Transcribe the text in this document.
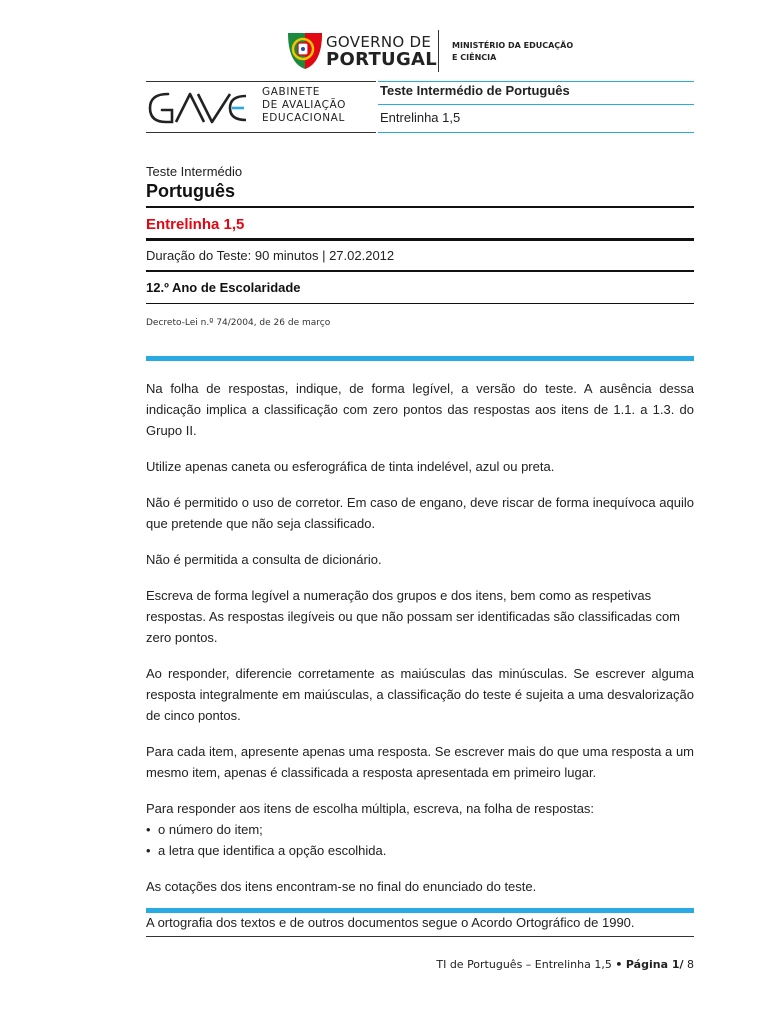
GOVERNO DE
PORTUGAL
MINISTÉRIO DA EDUCAÇÃO
E CIÊNCIA
GABINETE
DE AVALIAÇÃO
EDUCACIONAL
Teste Intermédio de Português
Entrelinha 1,5
Teste Intermédio
Português
Entrelinha 1,5
Duração do Teste: 90 minutos | 27.02.2012
12.º Ano de Escolaridade
Decreto-Lei n.º 74/2004, de 26 de março

Na folha de respostas, indique, de forma legível, a versão do teste. A ausência dessa indicação implica a classificação com zero pontos das respostas aos itens de 1.1. a 1.3. do Grupo II.

Utilize apenas caneta ou esferográfica de tinta indelével, azul ou preta.

Não é permitido o uso de corretor. Em caso de engano, deve riscar de forma inequívoca aquilo que pretende que não seja classificado.

Não é permitida a consulta de dicionário.

Escreva de forma legível a numeração dos grupos e dos itens, bem como as respetivas respostas. As respostas ilegíveis ou que não possam ser identificadas são classificadas com zero pontos.

Ao responder, diferencie corretamente as maiúsculas das minúsculas. Se escrever alguma resposta integralmente em maiúsculas, a classificação do teste é sujeita a uma desvalorização de cinco pontos.

Para cada item, apresente apenas uma resposta. Se escrever mais do que uma resposta a um mesmo item, apenas é classificada a resposta apresentada em primeiro lugar.

Para responder aos itens de escolha múltipla, escreva, na folha de respostas:

• o número do item;
• a letra que identifica a opção escolhida.

As cotações dos itens encontram-se no final do enunciado do teste.

A ortografia dos textos e de outros documentos segue o Acordo Ortográfico de 1990.

TI de Português – Entrelinha 1,5 • Página 1/ 8
